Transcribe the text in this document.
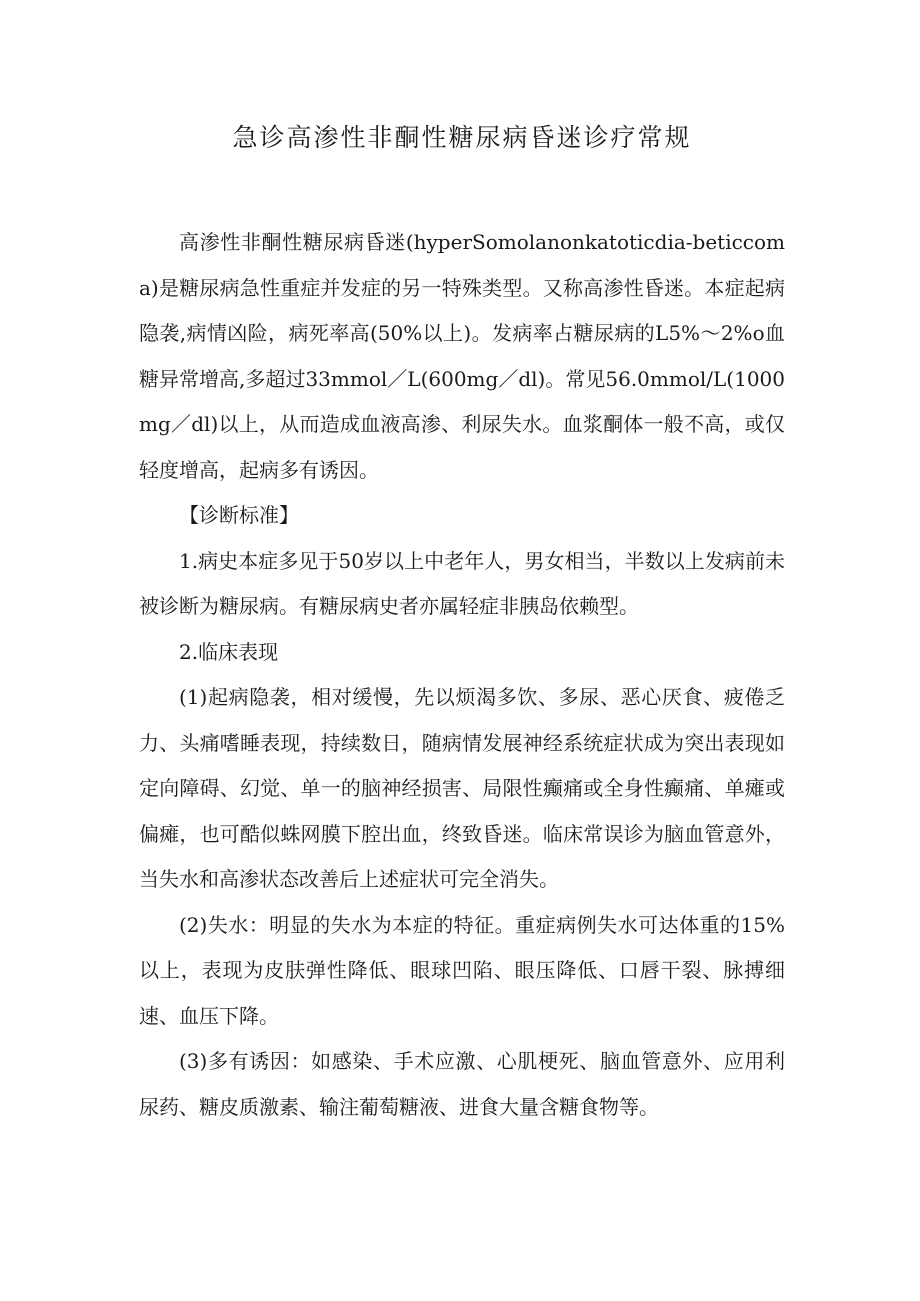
急诊高渗性非酮性糖尿病昏迷诊疗常规

高渗性非酮性糖尿病昏迷(hyperSomolanonkatoticdia-beticcoma)是糖尿病急性重症并发症的另一特殊类型。又称高渗性昏迷。本症起病隐袭,病情凶险，病死率高(50%以上)。发病率占糖尿病的L5%～2%o血糖异常增高,多超过33mmol／L(600mg／dl)。常见56.0mmol/L(1000mg／dl)以上，从而造成血液高渗、利尿失水。血浆酮体一般不高，或仅轻度增高，起病多有诱因。

【诊断标准】

1.病史本症多见于50岁以上中老年人，男女相当，半数以上发病前未被诊断为糖尿病。有糖尿病史者亦属轻症非胰岛依赖型。

2.临床表现

(1)起病隐袭，相对缓慢，先以烦渴多饮、多尿、恶心厌食、疲倦乏力、头痛嗜睡表现，持续数日，随病情发展神经系统症状成为突出表现如定向障碍、幻觉、单一的脑神经损害、局限性癫痛或全身性癫痛、单瘫或偏瘫，也可酷似蛛网膜下腔出血，终致昏迷。临床常误诊为脑血管意外，当失水和高渗状态改善后上述症状可完全消失。

(2)失水：明显的失水为本症的特征。重症病例失水可达体重的15%以上，表现为皮肤弹性降低、眼球凹陷、眼压降低、口唇干裂、脉搏细速、血压下降。

(3)多有诱因：如感染、手术应激、心肌梗死、脑血管意外、应用利尿药、糖皮质激素、输注葡萄糖液、进食大量含糖食物等。
